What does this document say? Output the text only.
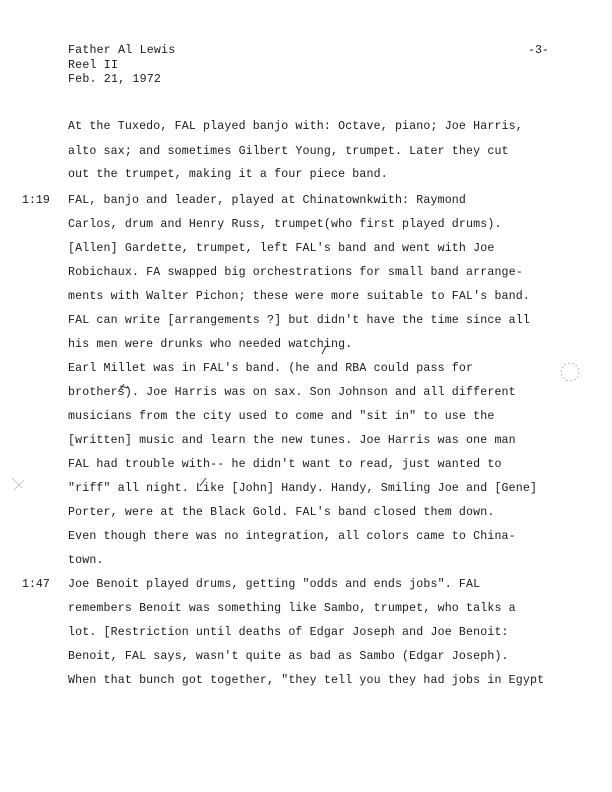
Father Al Lewis
Reel II
Feb. 21, 1972
-3-
1:19
1:47
At the Tuxedo, FAL played banjo with: Octave, piano; Joe Harris,
alto sax; and sometimes Gilbert Young, trumpet. Later they cut
out the trumpet, making it a four piece band.
FAL, banjo and leader, played at Chinatownkwith: Raymond
Carlos, drum and Henry Russ, trumpet(who first played drums).
[Allen] Gardette, trumpet, left FAL's band and went with Joe
Robichaux. FA swapped big orchestrations for small band arrange-
ments with Walter Pichon; these were more suitable to FAL's band.
FAL can write [arrangements ?] but didn't have the time since all
his men were drunks who needed watching.
Earl Millet was in FAL's band. (he and RBA could pass for
brothers). Joe Harris was on sax. Son Johnson and all different
musicians from the city used to come and "sit in" to use the
[written] music and learn the new tunes. Joe Harris was one man
FAL had trouble with-- he didn't want to read, just wanted to
"riff" all night. Like [John] Handy. Handy, Smiling Joe and [Gene]
Porter, were at the Black Gold. FAL's band closed them down.
Even though there was no integration, all colors came to China-
town.
Joe Benoit played drums, getting "odds and ends jobs". FAL
remembers Benoit was something like Sambo, trumpet, who talks a
lot. [Restriction until deaths of Edgar Joseph and Joe Benoit:
Benoit, FAL says, wasn't quite as bad as Sambo (Edgar Joseph).
When that bunch got together, "they tell you they had jobs in Egypt
